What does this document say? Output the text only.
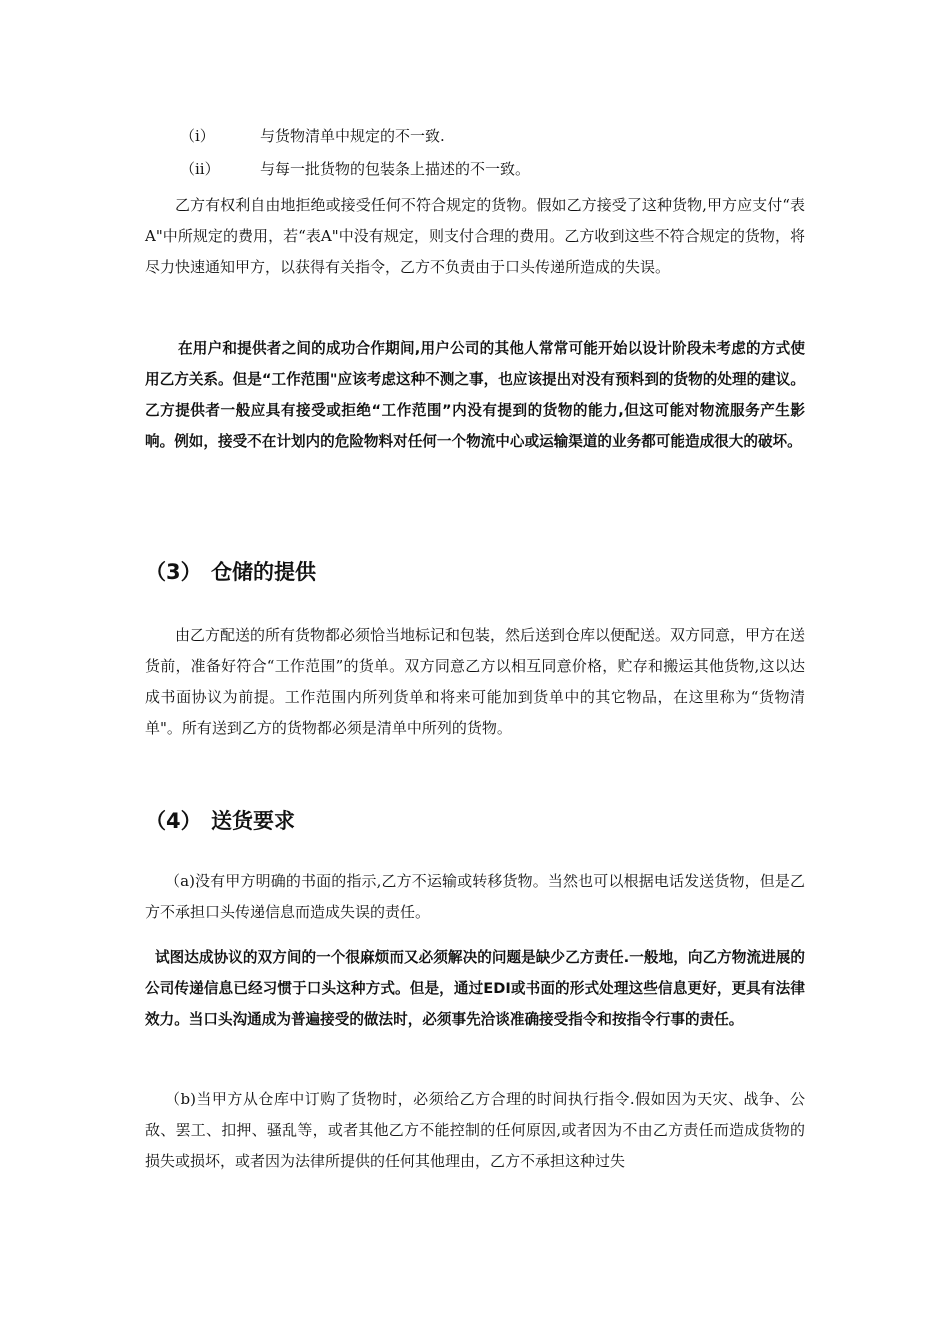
（i）	与货物清单中规定的不一致.
（ii）	与每一批货物的包装条上描述的不一致。

乙方有权利自由地拒绝或接受任何不符合规定的货物。假如乙方接受了这种货物,甲方应支付“表A"中所规定的费用，若“表A"中没有规定，则支付合理的费用。乙方收到这些不符合规定的货物，将尽力快速通知甲方，以获得有关指令，乙方不负责由于口头传递所造成的失误。

在用户和提供者之间的成功合作期间,用户公司的其他人常常可能开始以设计阶段未考虑的方式使用乙方关系。但是“工作范围"应该考虑这种不测之事，也应该提出对没有预料到的货物的处理的建议。乙方提供者一般应具有接受或拒绝“工作范围”内没有提到的货物的能力,但这可能对物流服务产生影响。例如，接受不在计划内的危险物料对任何一个物流中心或运输渠道的业务都可能造成很大的破坏。

（3） 仓储的提供

由乙方配送的所有货物都必须恰当地标记和包装，然后送到仓库以便配送。双方同意，甲方在送货前，准备好符合“工作范围”的货单。双方同意乙方以相互同意价格，贮存和搬运其他货物,这以达成书面协议为前提。工作范围内所列货单和将来可能加到货单中的其它物品，在这里称为“货物清单"。所有送到乙方的货物都必须是清单中所列的货物。

（4） 送货要求

（a)没有甲方明确的书面的指示,乙方不运输或转移货物。当然也可以根据电话发送货物，但是乙方不承担口头传递信息而造成失误的责任。

试图达成协议的双方间的一个很麻烦而又必须解决的问题是缺少乙方责任.一般地，向乙方物流进展的公司传递信息已经习惯于口头这种方式。但是，通过EDI或书面的形式处理这些信息更好，更具有法律效力。当口头沟通成为普遍接受的做法时，必须事先洽谈准确接受指令和按指令行事的责任。

（b)当甲方从仓库中订购了货物时，必须给乙方合理的时间执行指令.假如因为天灾、战争、公敌、罢工、扣押、骚乱等，或者其他乙方不能控制的任何原因,或者因为不由乙方责任而造成货物的损失或损坏，或者因为法律所提供的任何其他理由，乙方不承担这种过失
